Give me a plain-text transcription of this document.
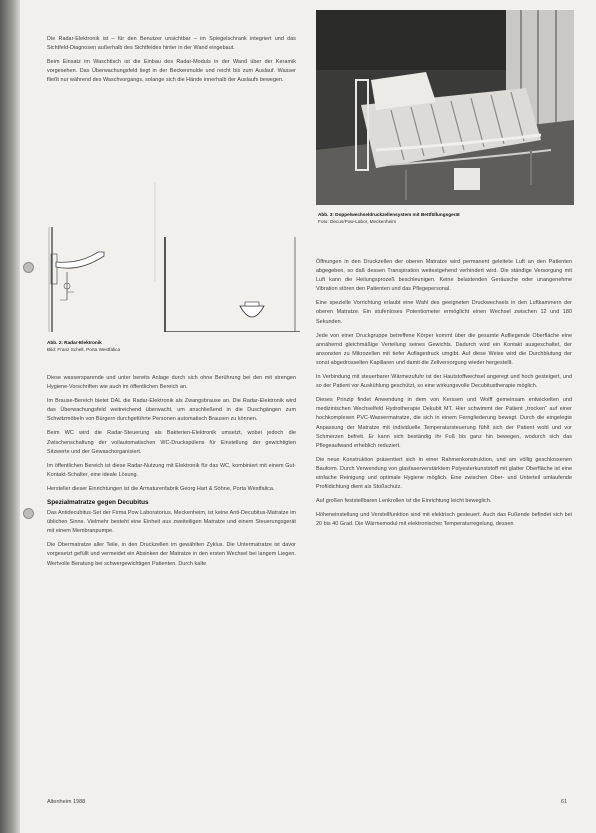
Die Radar-Elektronik ist – für den Benutzer unsichtbar – im Spiegelschrank integriert und das Sichtfeld-Diagnosen außerhalb des Sichtfeldes hinter in der Wand eingebaut.

Beim Einsatz im Waschtisch ist die Einbau des Radar-Moduls in der Wand über der Keramik vorgesehen. Das Überwachungsfeld liegt in der Beckenmulde und reicht bis zum Auslauf. Wasser fließt nur während des Waschvorgangs, solange sich die Hände innerhalb der Auslaufs bewegen.

Abb. 2: Radar-Elektronik
Bild: Franz Schell, Porta Westfalica

Diese wassersparende und unter bereits Anlage durch sich ohne Berührung bei den mit strengen Hygiene-Vorschriften wie auch im öffentlichen Bereich an.

Im Brause-Bereich bietet DAL die Radar-Elektronik als Zwangsbrause an. Die Radar-Elektronik wird das Überwachungsfeld weitreichend überwacht, um anschließend in die Duschgängen zum Schwitzmöbeln von Bürgern durchgeführte Personen automatisch Brausen zu können.

Beim WC wird die Radar-Steuerung als Bakterien-Elektronik umsetzt, wobei jedoch die Zwischenschaltung der vollautomatischen WC-Druckspülens für Einstellung der gewichtigten Sitzwerte und der Gewaschorganisiert.

Im öffentlichen Bereich ist diese Radar-Nutzung mit Elektronik für das WC, kombiniert mit einem Gut-Kontakt-Schalter, eine ideale Lösung.

Hersteller dieser Einrichtungen ist die Armaturenfabrik Georg Hart & Söhne, Porta Westfalica.

Spezialmatratze gegen Decubitus

Das Antidecubitus-Set der Firma Pow Laboratorius, Meckenheim, ist keine Anti-Decubitus-Matratze im üblichen Sinne. Vielmehr besteht eine Einheit aus zweiteiligen Matratze und einem Steuerungsgerät mit einem Membranpumpe.

Die Obermatratze aller Teile, in den Druckzellen im gewählten Zyklus. Die Untermatratze ist davor vorgesetzt gefüllt und vermeidet ein Absinken der Matratze in den ersten Wechsel bei langem Liegen. Wertvolle Beratung bei schwergewichtigen Patienten. Durch kalte

Abb. 3: Doppelwechseldruckzellensystem mit Bettfüllungsgerät
Foto: Decus/Pow-Labor, Meckenheim

Öffnungen in den Druckzellen der oberen Matratze wird permanent geleitete Luft an den Patienten abgegeben, so daß dessen Transpiration weitestgehend verhindert wird. Die ständige Versorgung mit Luft kann die Heilungsprozeß beschleunigen. Keine belastenden Geräusche oder unangenehme Vibration stören den Patienten und das Pflegepersonal.

Eine spezielle Vorrichtung erlaubt eine Wahl des geeigneten Druckwechsels in den Luftkammern der oberen Matratze. Ein stufenloses Potentiometer ermöglicht einen Wechsel zwischen 12 und 180 Sekunden.

Jede von einer Druckgruppe betreffene Körper kommt über die gesamte Aufliegende Oberfläche eine annähernd gleichmäßige Verteilung seines Gewichts. Dadurch wird ein Kontakt ausgeschaltet, der ansonsten zu Mikrozellen mit tiefer Auflagedruck umgibt. Auf diese Weise wird die Durchblutung der sonst abgedrosselten Kapillaren und damit die Zellversorgung wieder hergestellt.

In Verbindung mit steuerbarer Wärmezufuhr ist der Hautstoffwechsel angeregt und hoch gesteigert, und so der Patient vor Auskühlung geschützt, so eine wirkungsvolle Decubitustherapie möglich.

Dieses Prinzip findet Anwendung in dem von Kerssen und Wolff gemeinsam entwickelten und medizinischen Wechselfeld Hydrotherapie Dekubit MT. Hier schwimmt der Patient „trocken“ auf einer hochkomplexen PVC-Wassermatratze, die sich in einem Ferngliederung bewegt. Durch die eingelegte Anpassung der Matratze mit individuelle Temperatursteuerung fühlt sich der Patient wohl und vor Schmerzen befreit. Er kann sich beständig ihr Fuß bis ganz hin bewegen, wodurch sich das Pflegeaufwand erheblich reduziert.

Die neue Konstruktion präsentiert sich in einer Rahmenkonstruktion, und am völlig geschlossenen Bauform. Durch Verwendung von glasfaserverstärktem Polyesterkunststoff mit glatter Oberfläche ist eine einfache Reinigung und optimale Hygiene möglich. Eine zwischen Ober- und Unterteil umlaufende Profildichtung dient als Stoßschutz.

Auf großen feststellbaren Lenkrollen ist die Einrichtung leicht beweglich.

Höheneinstellung und Verstellfunktion sind mit elektrisch gesteuert. Auch das Fußende befindet sich bei 20 bis 40 Grad. Die Wärmemodul mit elektronischer Temperaturregelung, dessen

Altenheim 1988	61
